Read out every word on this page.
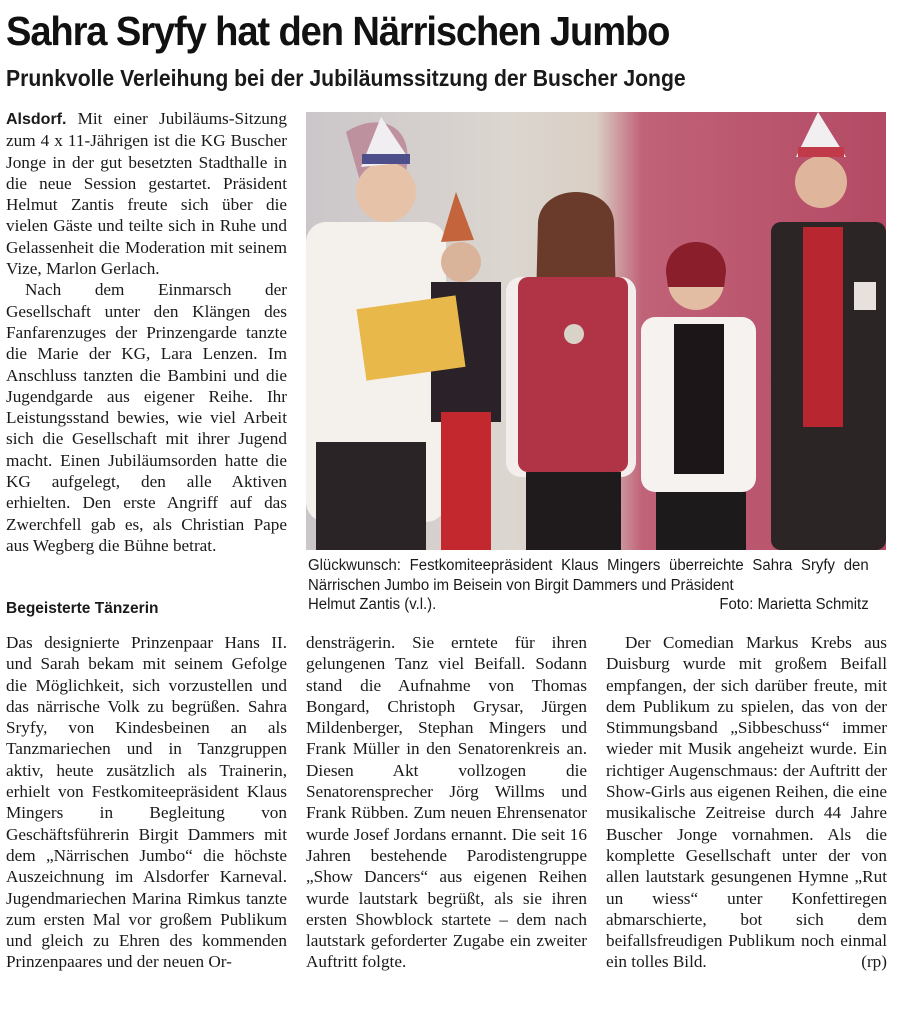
Sahra Sryfy hat den Närrischen Jumbo
Prunkvolle Verleihung bei der Jubiläumssitzung der Buscher Jonge

Alsdorf. Mit einer Jubiläums-Sitzung zum 4 x 11-Jährigen ist die KG Buscher Jonge in der gut besetzten Stadthalle in die neue Session gestartet. Präsident Helmut Zantis freute sich über die vielen Gäste und teilte sich in Ruhe und Gelassenheit die Moderation mit seinem Vize, Marlon Gerlach.

Nach dem Einmarsch der Gesellschaft unter den Klängen des Fanfarenzuges der Prinzengarde tanzte die Marie der KG, Lara Lenzen. Im Anschluss tanzten die Bambini und die Jugendgarde aus eigener Reihe. Ihr Leistungsstand bewies, wie viel Arbeit sich die Gesellschaft mit ihrer Jugend macht. Einen Jubiläumsorden hatte die KG aufgelegt, den alle Aktiven erhielten. Den erste Angriff auf das Zwerchfell gab es, als Christian Pape aus Wegberg die Bühne betrat.

Begeisterte Tänzerin
Glückwunsch: Festkomiteepräsident Klaus Mingers überreichte Sahra Sryfy den Närrischen Jumbo im Beisein von Birgit Dammers und Präsident
Helmut Zantis (v.l.).	Foto: Marietta Schmitz

Das designierte Prinzenpaar Hans II. und Sarah bekam mit seinem Gefolge die Möglichkeit, sich vorzustellen und das närrische Volk zu begrüßen. Sahra Sryfy, von Kindesbeinen an als Tanzmariechen und in Tanzgruppen aktiv, heute zusätzlich als Trainerin, erhielt von Festkomiteepräsident Klaus Mingers in Begleitung von Geschäftsführerin Birgit Dammers mit dem „Närrischen Jumbo“ die höchste Auszeichnung im Alsdorfer Karneval. Jugendmariechen Marina Rimkus tanzte zum ersten Mal vor großem Publikum und gleich zu Ehren des kommenden Prinzenpaares und der neuen Or-

densträgerin. Sie erntete für ihren gelungenen Tanz viel Beifall. Sodann stand die Aufnahme von Thomas Bongard, Christoph Grysar, Jürgen Mildenberger, Stephan Mingers und Frank Müller in den Senatorenkreis an. Diesen Akt vollzogen die Senatorensprecher Jörg Willms und Frank Rübben. Zum neuen Ehrensenator wurde Josef Jordans ernannt. Die seit 16 Jahren bestehende Parodistengruppe „Show Dancers“ aus eigenen Reihen wurde lautstark begrüßt, als sie ihren ersten Showblock startete – dem nach lautstark geforderter Zugabe ein zweiter Auftritt folgte.

Der Comedian Markus Krebs aus Duisburg wurde mit großem Beifall empfangen, der sich darüber freute, mit dem Publikum zu spielen, das von der Stimmungsband „Sibbeschuss“ immer wieder mit Musik angeheizt wurde. Ein richtiger Augenschmaus: der Auftritt der Show-Girls aus eigenen Reihen, die eine musikalische Zeitreise durch 44 Jahre Buscher Jonge vornahmen. Als die komplette Gesellschaft unter der von allen lautstark gesungenen Hymne „Rut un wiess“ unter Konfettiregen abmarschierte, bot sich dem beifallsfreudigen Publikum noch einmal ein tolles Bild.	(rp)
